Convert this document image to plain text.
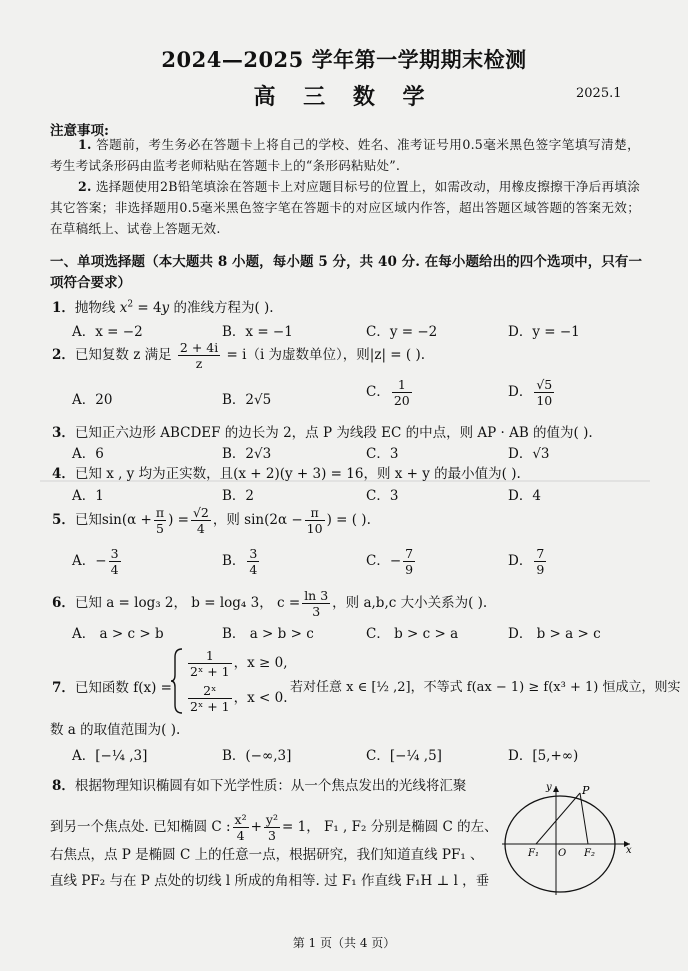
2024—2025 学年第一学期期末检测
高 三 数 学	2025.1
注意事项:
1. 答题前，考生务必在答题卡上将自己的学校、姓名、准考证号用0.5毫米黑色签字笔填写清楚，考生考试条形码由监考老师粘贴在答题卡上的“条形码粘贴处”.
2. 选择题使用2B铅笔填涂在答题卡上对应题目标号的位置上，如需改动，用橡皮擦擦干净后再填涂其它答案；非选择题用0.5毫米黑色签字笔在答题卡的对应区域内作答，超出答题区域答题的答案无效；在草稿纸上、试卷上答题无效.
一、单项选择题（本大题共 8 小题，每小题 5 分，共 40 分. 在每小题给出的四个选项中，只有一项符合要求）
1．抛物线 $x^2 = 4y$ 的准线方程为( ).
A．x = −2	B．x = −1	C．y = −2	D．y = −1
2．已知复数 z 满足 $\frac{2 + 4i}{z} = i(i$ 为虚数单位），则|z| = ( ).
A．20	B．2√5	C． $\frac{1}{20}$	D． $\frac{√5}{10}$
3．已知正六边形 ABCDEF 的边长为 2，点 P 为线段 EC 的中点，则 AP · AB 的值为( ).
A．6	B．2√3	C．3	D．√3
4．已知 x , y 均为正实数，且(x + 2)(y + 3) = 16，则 x + y 的最小值为( ).
A．1	B．2	C．3	D．4
5．已知$\sin(\alpha + \frac{\pi}{5}$ ) = $\frac{√2}{4}$ ，则 $\sin(2\alpha - \frac{\pi}{10}$ ) = ( ).
A．− $\frac{3}{4}$	B． $\frac{3}{4}$	C．− $\frac{7}{9}$	D． $\frac{7}{9}$
6．已知 a = log₃ 2， b = log₄ 3， $c = \frac{\ln 3}{3}$ ，则 a,b,c 大小关系为( ).
A． a > c > b	B． a > b > c	C． b > c > a	D． b > a > c
7．已知函数 f(x) =
$\frac{1}{\text{2ˣ + 1}}$ ，x ≥ 0,
$\frac{\text{2ˣ}}{\text{2ˣ + 1}}$ ，x < 0.
若对任意 x ∈ [½ ,2]，不等式 f(ax − 1) ≥ f(x³ + 1) 恒成立，则实
数 a 的取值范围为( ).
A．[−¼ ,3]	B．(−∞,3]	C．[−¼ ,5]	D．[5,+∞)
8．根据物理知识椭圆有如下光学性质：从一个焦点发出的光线将汇聚
到另一个焦点处. 已知椭圆 C : $\frac{\text{x²}}{4} + \frac{\text{y²}}{3} = 1$， F₁ , F₂ 分别是椭圆 C 的左、
右焦点，点 P 是椭圆 C 上的任意一点，根据研究，我们知道直线 PF₁ 、
直线 PF₂ 与在 P 点处的切线 l 所成的角相等. 过 F₁ 作直线 F₁H ⊥ l ，垂
P
y
x
O
F₁	F₂
第 1 页（共 4 页）
